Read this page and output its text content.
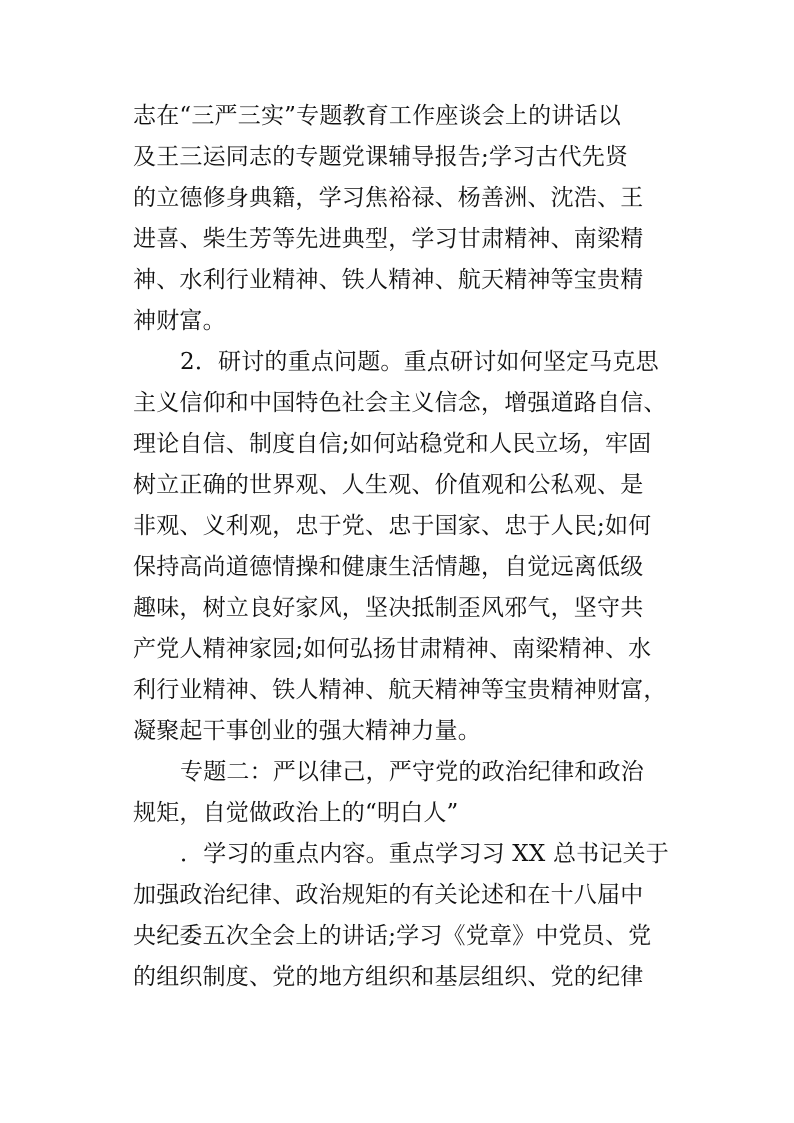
志在“三严三实”专题教育工作座谈会上的讲话以
及王三运同志的专题党课辅导报告;学习古代先贤
的立德修身典籍，学习焦裕禄、杨善洲、沈浩、王
进喜、柴生芳等先进典型，学习甘肃精神、南梁精
神、水利行业精神、铁人精神、航天精神等宝贵精
神财富。
2．研讨的重点问题。重点研讨如何坚定马克思
主义信仰和中国特色社会主义信念，增强道路自信、
理论自信、制度自信;如何站稳党和人民立场，牢固
树立正确的世界观、人生观、价值观和公私观、是
非观、义利观，忠于党、忠于国家、忠于人民;如何
保持高尚道德情操和健康生活情趣，自觉远离低级
趣味，树立良好家风，坚决抵制歪风邪气，坚守共
产党人精神家园;如何弘扬甘肃精神、南梁精神、水
利行业精神、铁人精神、航天精神等宝贵精神财富，
凝聚起干事创业的强大精神力量。
专题二：严以律己，严守党的政治纪律和政治
规矩，自觉做政治上的“明白人”
．学习的重点内容。重点学习习 XX 总书记关于
加强政治纪律、政治规矩的有关论述和在十八届中
央纪委五次全会上的讲话;学习《党章》中党员、党
的组织制度、党的地方组织和基层组织、党的纪律
